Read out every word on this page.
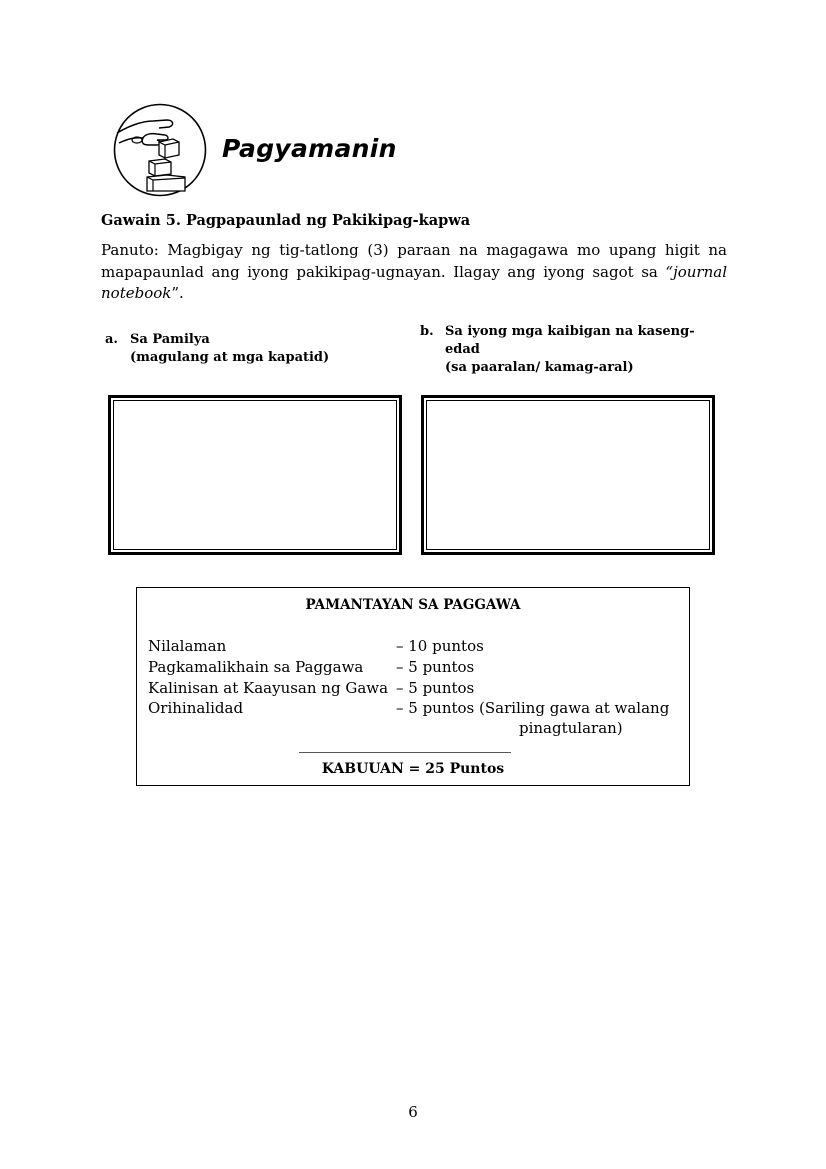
Pagyamanin
Gawain 5. Pagpapaunlad ng Pakikipag-kapwa
Panuto: Magbigay ng tig-tatlong (3) paraan na magagawa mo upang higit na mapapaunlad ang iyong pakikipag-ugnayan. Ilagay ang iyong sagot sa “journal notebook”.
a. Sa Pamilya
(magulang at mga kapatid)
b. Sa iyong mga kaibigan na kaseng-
edad
(sa paaralan/ kamag-aral)
PAMANTAYAN SA PAGGAWA
Nilalaman	– 10 puntos
Pagkamalikhain sa Paggawa – 5 puntos
Kalinisan at Kaayusan ng Gawa – 5 puntos
Orihinalidad	– 5 puntos (Sariling gawa at walang
pinagtularan)
KABUUAN = 25 Puntos
6
